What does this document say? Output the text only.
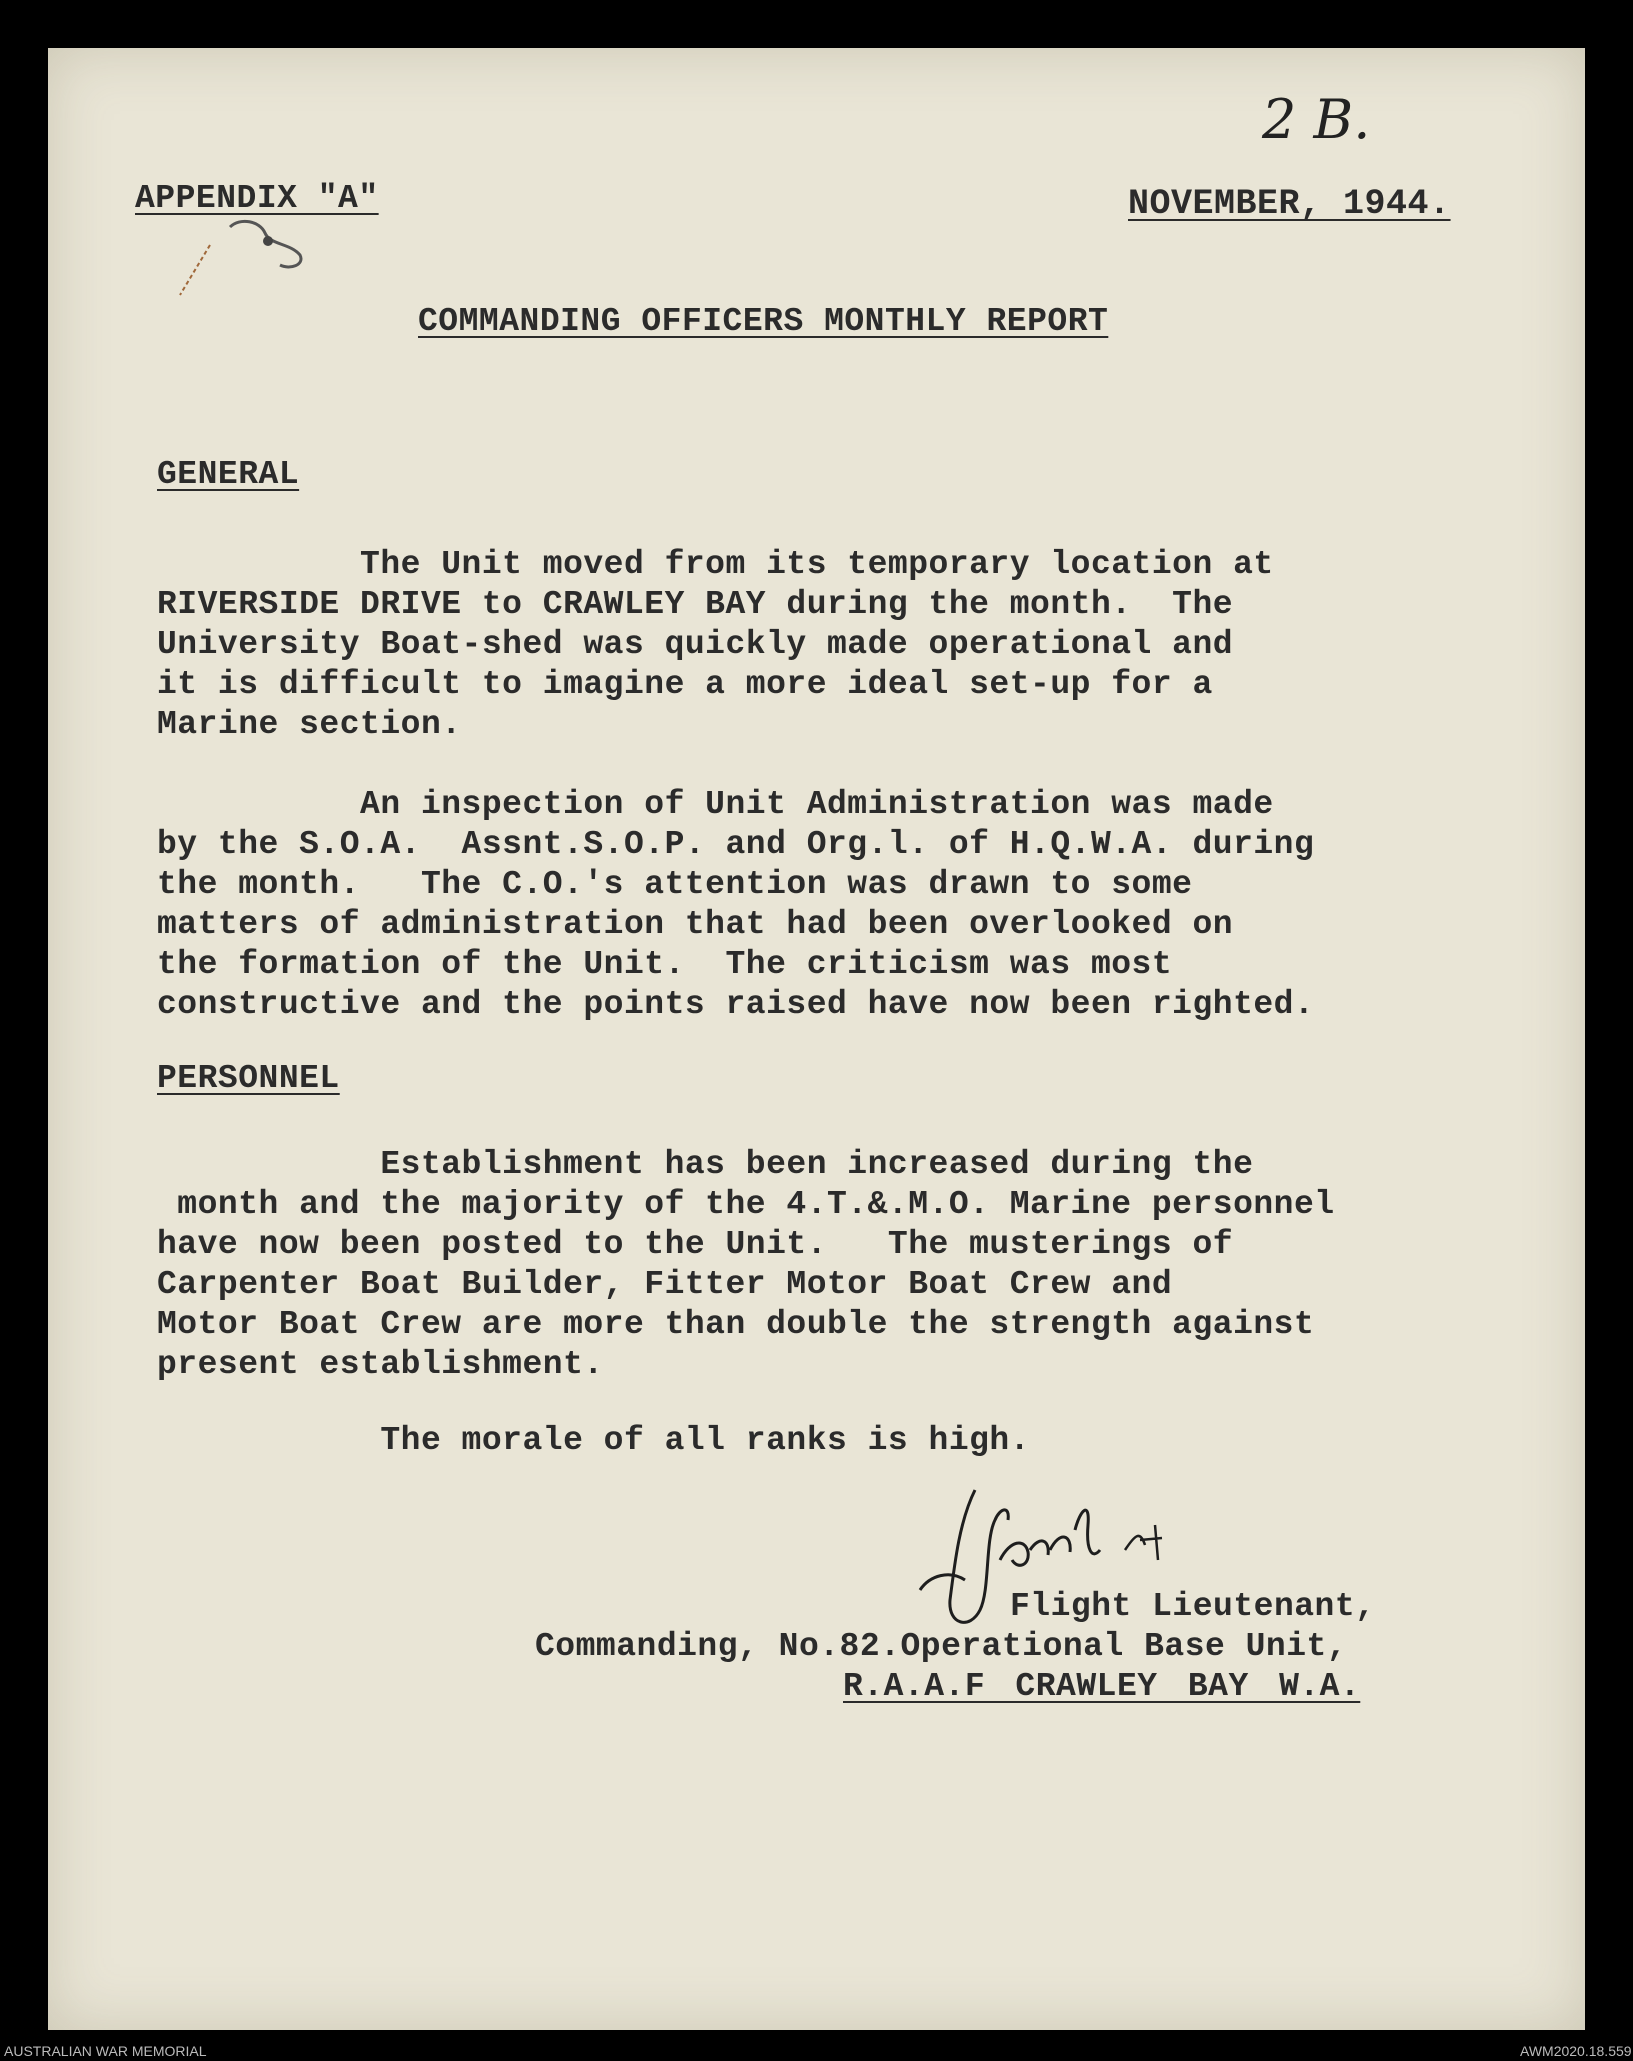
2 B.
APPENDIX "A"	NOVEMBER, 1944.
COMMANDING OFFICERS MONTHLY REPORT
GENERAL
The Unit moved from its temporary location at
RIVERSIDE DRIVE to CRAWLEY BAY during the month.  The
University Boat-shed was quickly made operational and
it is difficult to imagine a more ideal set-up for a
Marine section.
An inspection of Unit Administration was made
by the S.O.A.  Assnt.S.O.P. and Org.l. of H.Q.W.A. during
the month.   The C.O.'s attention was drawn to some
matters of administration that had been overlooked on
the formation of the Unit.  The criticism was most
constructive and the points raised have now been righted.
PERSONNEL
Establishment has been increased during the
month and the majority of the 4.T.&.M.O. Marine personnel
have now been posted to the Unit.   The musterings of
Carpenter Boat Builder, Fitter Motor Boat Crew and
Motor Boat Crew are more than double the strength against
present establishment.
The morale of all ranks is high.
Flight Lieutenant,
Commanding, No.82.Operational Base Unit,
R.A.A.F CRAWLEY BAY W.A.
AUSTRALIAN WAR MEMORIAL	AWM2020.18.559
